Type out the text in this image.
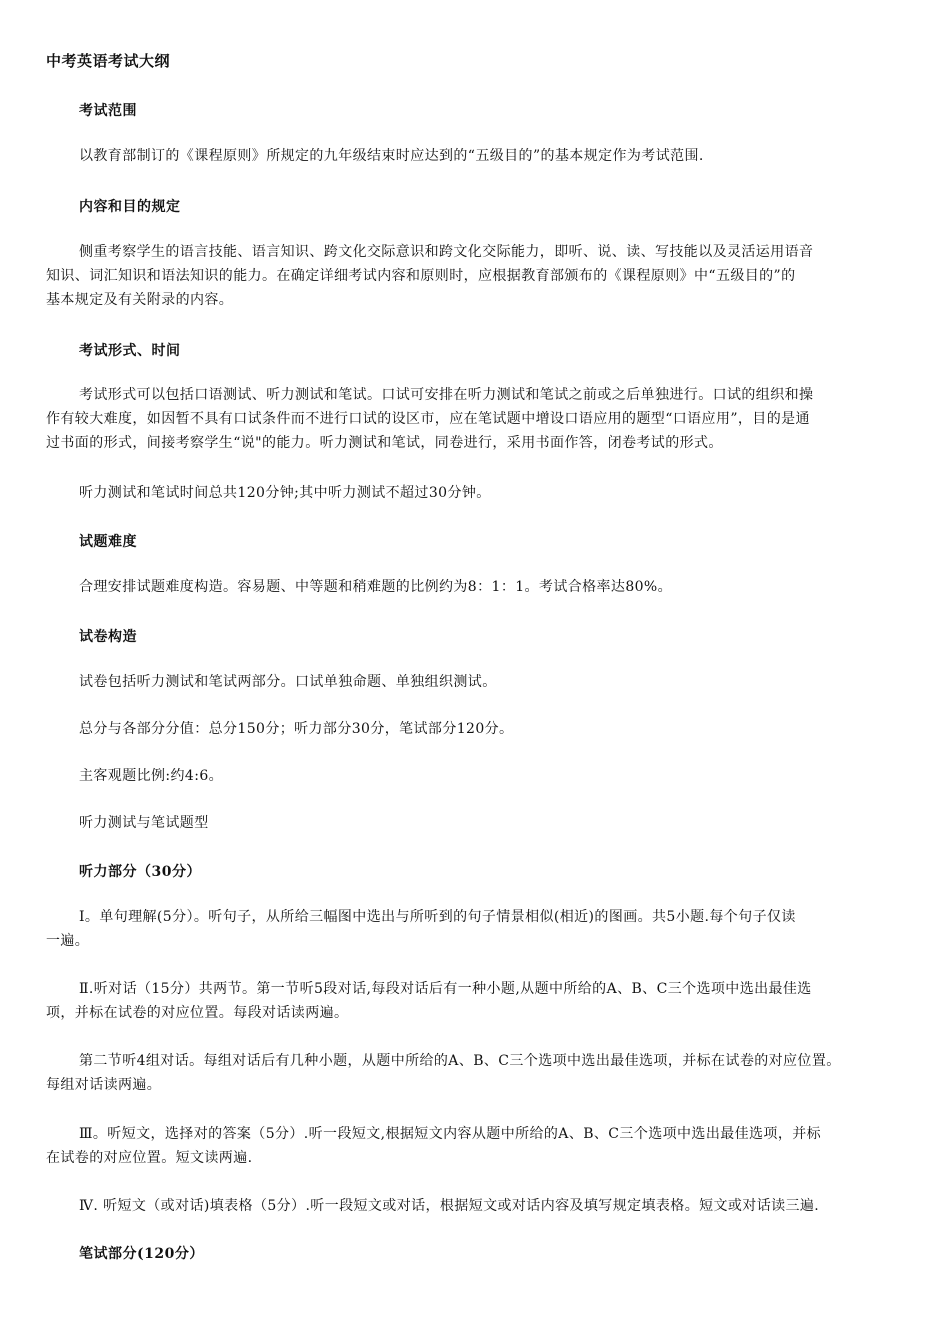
中考英语考试大纲
考试范围
以教育部制订的《课程原则》所规定的九年级结束时应达到的“五级目的”的基本规定作为考试范围.
内容和目的规定
侧重考察学生的语言技能、语言知识、跨文化交际意识和跨文化交际能力，即听、说、读、写技能以及灵活运用语音
知识、词汇知识和语法知识的能力。在确定详细考试内容和原则时，应根据教育部颁布的《课程原则》中“五级目的”的
基本规定及有关附录的内容。
考试形式、时间
考试形式可以包括口语测试、听力测试和笔试。口试可安排在听力测试和笔试之前或之后单独进行。口试的组织和操
作有较大难度，如因暂不具有口试条件而不进行口试的设区市，应在笔试题中增设口语应用的题型“口语应用”，目的是通
过书面的形式，间接考察学生“说"的能力。听力测试和笔试，同卷进行，采用书面作答，闭卷考试的形式。
听力测试和笔试时间总共120分钟;其中听力测试不超过30分钟。
试题难度
合理安排试题难度构造。容易题、中等题和稍难题的比例约为8：1：1。考试合格率达80%。
试卷构造
试卷包括听力测试和笔试两部分。口试单独命题、单独组织测试。
总分与各部分分值：总分150分；听力部分30分，笔试部分120分。
主客观题比例:约4:6。
听力测试与笔试题型
听力部分（30分）
Ⅰ。单句理解(5分）。听句子，从所给三幅图中选出与所听到的句子情景相似(相近)的图画。共5小题.每个句子仅读
一遍。
Ⅱ.听对话（15分）共两节。第一节听5段对话,每段对话后有一种小题,从题中所给的A、B、C三个选项中选出最佳选
项，并标在试卷的对应位置。每段对话读两遍。
第二节听4组对话。每组对话后有几种小题，从题中所给的A、B、C三个选项中选出最佳选项，并标在试卷的对应位置。
每组对话读两遍。
Ⅲ。听短文，选择对的答案（5分）.听一段短文,根据短文内容从题中所给的A、B、C三个选项中选出最佳选项，并标
在试卷的对应位置。短文读两遍.
Ⅳ. 听短文（或对话)填表格（5分）.听一段短文或对话，根据短文或对话内容及填写规定填表格。短文或对话读三遍.
笔试部分(120分）
